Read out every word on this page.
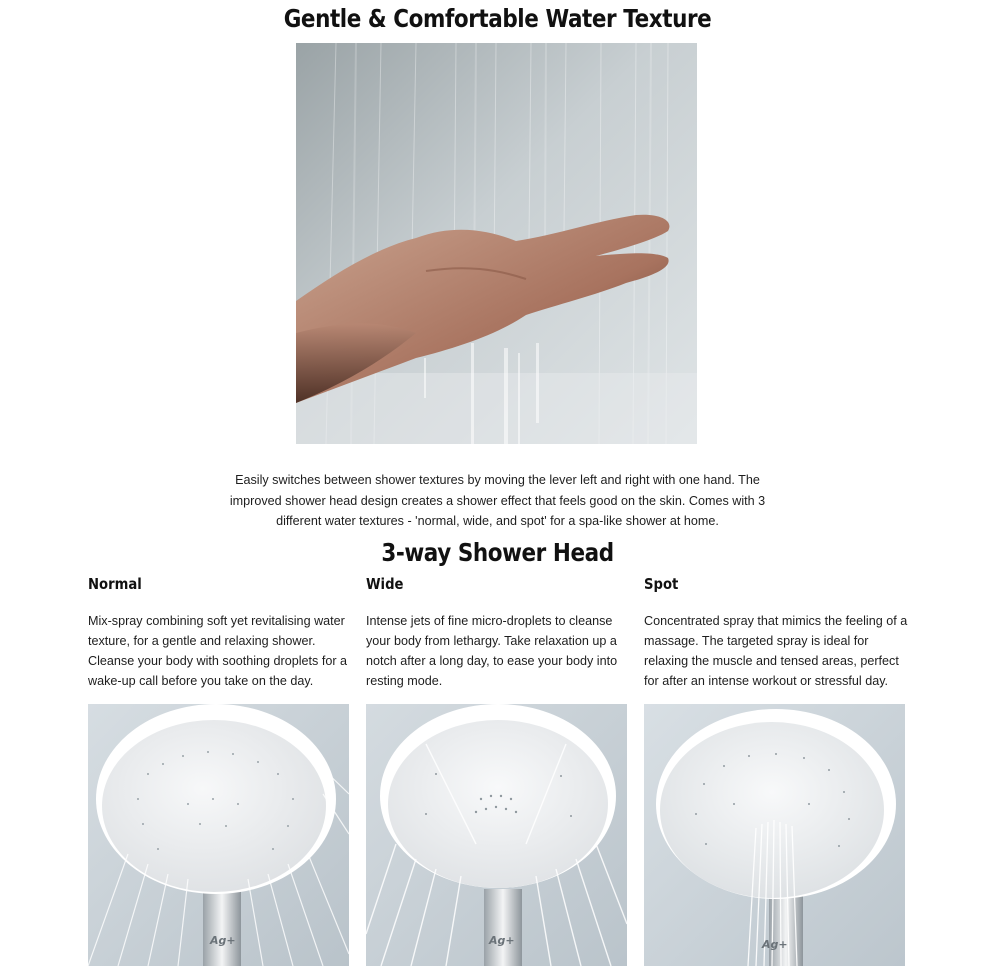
Gentle & Comfortable Water Texture

Easily switches between shower textures by moving the lever left and right with one hand. The improved shower head design creates a shower effect that feels good on the skin. Comes with 3 different water textures - 'normal, wide, and spot' for a spa-like shower at home.

3-way Shower Head
Normal

Mix-spray combining soft yet revitalising water texture, for a gentle and relaxing shower. Cleanse your body with soothing droplets for a wake-up call before you take on the day.

Wide

Intense jets of fine micro-droplets to cleanse your body from lethargy. Take relaxation up a notch after a long day, to ease your body into resting mode.

Spot

Concentrated spray that mimics the feeling of a massage. The targeted spray is ideal for relaxing the muscle and tensed areas, perfect for after an intense workout or stressful day.

Ag+	Ag+	Ag+
